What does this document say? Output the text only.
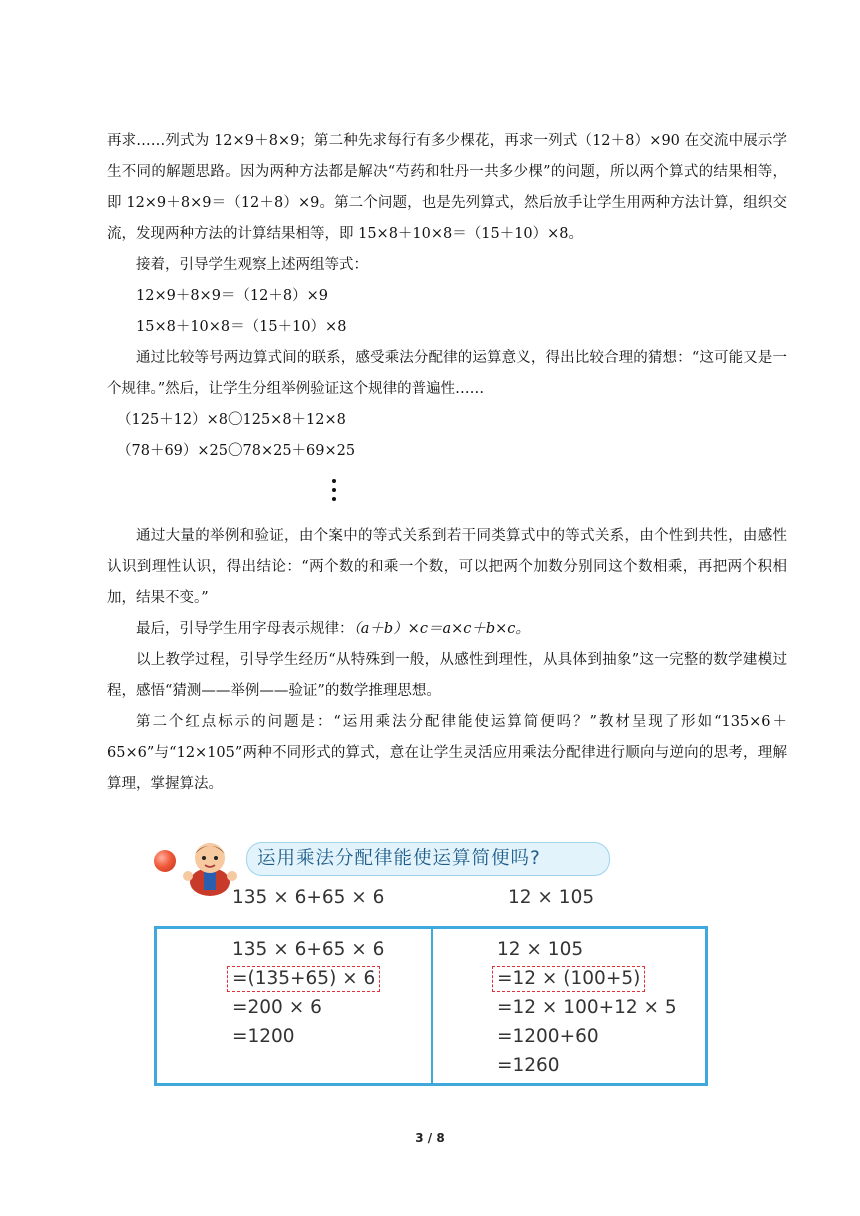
再求……列式为 12×9＋8×9；第二种先求每行有多少棵花，再求一列式（12＋8）×90 在交流中展示学生不同的解题思路。因为两种方法都是解决“芍药和牡丹一共多少棵”的问题，所以两个算式的结果相等，即 12×9＋8×9＝（12＋8）×9。第二个问题，也是先列算式，然后放手让学生用两种方法计算，组织交流，发现两种方法的计算结果相等，即 15×8＋10×8＝（15＋10）×8。

接着，引导学生观察上述两组等式：

12×9＋8×9＝（12＋8）×9

15×8＋10×8＝（15＋10）×8

通过比较等号两边算式间的联系，感受乘法分配律的运算意义，得出比较合理的猜想：“这可能又是一个规律。”然后，让学生分组举例验证这个规律的普遍性……

（125＋12）×8〇125×8＋12×8

（78＋69）×25〇78×25＋69×25

通过大量的举例和验证，由个案中的等式关系到若干同类算式中的等式关系，由个性到共性，由感性认识到理性认识，得出结论：“两个数的和乘一个数，可以把两个加数分别同这个数相乘，再把两个积相加，结果不变。”

最后，引导学生用字母表示规律：（a＋b）×c＝a×c＋b×c。

以上教学过程，引导学生经历“从特殊到一般，从感性到理性，从具体到抽象”这一完整的数学建模过程，感悟“猜测——举例——验证”的数学推理思想。

第二个红点标示的问题是：“运用乘法分配律能使运算简便吗？”教材呈现了形如“135×6＋65×6”与“12×105”两种不同形式的算式，意在让学生灵活应用乘法分配律进行顺向与逆向的思考，理解算理，掌握算法。

运用乘法分配律能使运算简便吗?
135 × 6+65 × 6	12 × 105
135 × 6+65 × 6
=(135+65) × 6
=200 × 6
=1200
12 × 105
=12 × (100+5)
=12 × 100+12 × 5
=1200+60
=1260
3 / 8
